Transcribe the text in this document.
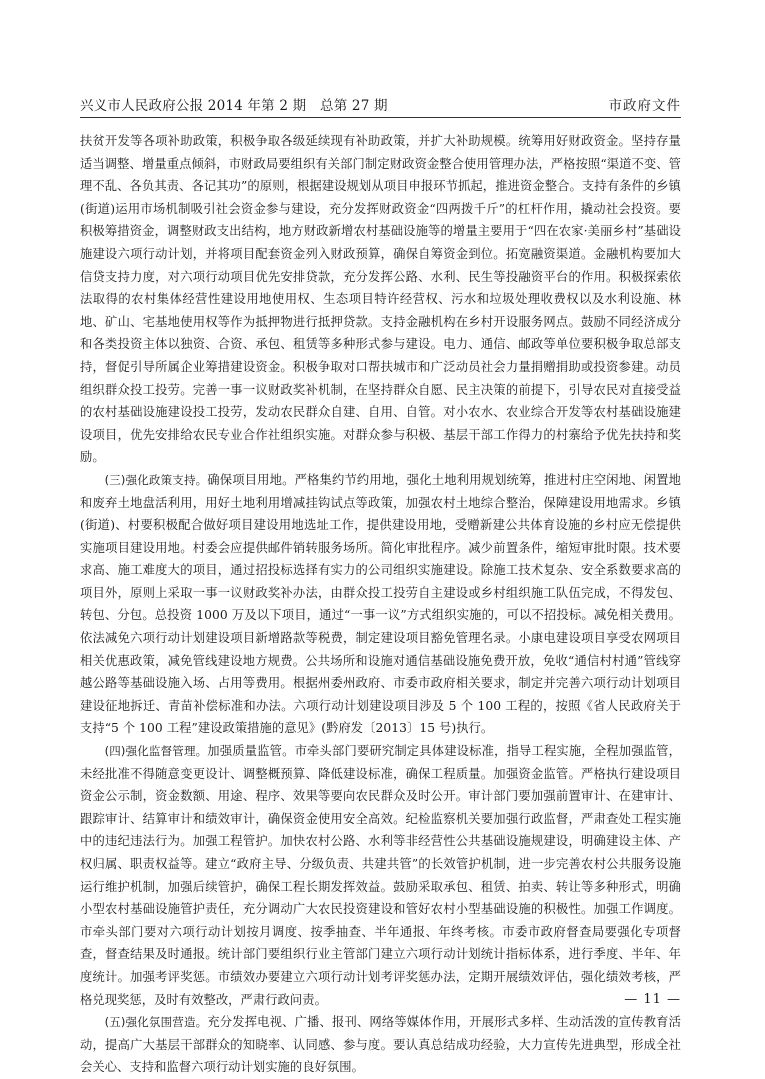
兴义市人民政府公报 2014 年第 2 期　总第 27 期	市政府文件

扶贫开发等各项补助政策，积极争取各级延续现有补助政策，并扩大补助规模。统筹用好财政资金。坚持存量适当调整、增量重点倾斜，市财政局要组织有关部门制定财政资金整合使用管理办法，严格按照“渠道不变、管理不乱、各负其责、各记其功”的原则，根据建设规划从项目申报环节抓起，推进资金整合。支持有条件的乡镇(街道)运用市场机制吸引社会资金参与建设，充分发挥财政资金“四两拨千斤”的杠杆作用，撬动社会投资。要积极筹措资金，调整财政支出结构，地方财政新增农村基础设施等的增量主要用于“四在农家·美丽乡村”基础设施建设六项行动计划，并将项目配套资金列入财政预算，确保自筹资金到位。拓宽融资渠道。金融机构要加大信贷支持力度，对六项行动项目优先安排贷款，充分发挥公路、水利、民生等投融资平台的作用。积极探索依法取得的农村集体经营性建设用地使用权、生态项目特许经营权、污水和垃圾处理收费权以及水利设施、林地、矿山、宅基地使用权等作为抵押物进行抵押贷款。支持金融机构在乡村开设服务网点。鼓励不同经济成分和各类投资主体以独资、合资、承包、租赁等多种形式参与建设。电力、通信、邮政等单位要积极争取总部支持，督促引导所属企业筹措建设资金。积极争取对口帮扶城市和广泛动员社会力量捐赠捐助或投资参建。动员组织群众投工投劳。完善一事一议财政奖补机制，在坚持群众自愿、民主决策的前提下，引导农民对直接受益的农村基础设施建设投工投劳，发动农民群众自建、自用、自管。对小农水、农业综合开发等农村基础设施建设项目，优先安排给农民专业合作社组织实施。对群众参与积极、基层干部工作得力的村寨给予优先扶持和奖励。

(三)强化政策支持。确保项目用地。严格集约节约用地，强化土地利用规划统筹，推进村庄空闲地、闲置地和废弃土地盘活利用，用好土地利用增减挂钩试点等政策，加强农村土地综合整治，保障建设用地需求。乡镇(街道)、村要积极配合做好项目建设用地选址工作，提供建设用地，受赠新建公共体育设施的乡村应无偿提供实施项目建设用地。村委会应提供邮件销转服务场所。简化审批程序。减少前置条件，缩短审批时限。技术要求高、施工难度大的项目，通过招投标选择有实力的公司组织实施建设。除施工技术复杂、安全系数要求高的项目外，原则上采取一事一议财政奖补办法，由群众投工投劳自主建设或乡村组织施工队伍完成，不得发包、转包、分包。总投资 1000 万及以下项目，通过“一事一议”方式组织实施的，可以不招投标。减免相关费用。依法减免六项行动计划建设项目新增路款等税费，制定建设项目豁免管理名录。小康电建设项目享受农网项目相关优惠政策，减免管线建设地方规费。公共场所和设施对通信基础设施免费开放，免收“通信村村通”管线穿越公路等基础设施入场、占用等费用。根据州委州政府、市委市政府相关要求，制定并完善六项行动计划项目建设征地拆迁、青苗补偿标准和办法。六项行动计划建设项目涉及 5 个 100 工程的，按照《省人民政府关于支持“5 个 100 工程”建设政策措施的意见》(黔府发〔2013〕15 号)执行。

(四)强化监督管理。加强质量监管。市牵头部门要研究制定具体建设标准，指导工程实施，全程加强监管，未经批准不得随意变更设计、调整概预算、降低建设标准，确保工程质量。加强资金监管。严格执行建设项目资金公示制，资金数额、用途、程序、效果等要向农民群众及时公开。审计部门要加强前置审计、在建审计、跟踪审计、结算审计和绩效审计，确保资金使用安全高效。纪检监察机关要加强行政监督，严肃查处工程实施中的违纪违法行为。加强工程管护。加快农村公路、水利等非经营性公共基础设施规建设，明确建设主体、产权归属、职责权益等。建立“政府主导、分级负责、共建共管”的长效管护机制，进一步完善农村公共服务设施运行维护机制，加强后续管护，确保工程长期发挥效益。鼓励采取承包、租赁、拍卖、转让等多种形式，明确小型农村基础设施管护责任，充分调动广大农民投资建设和管好农村小型基础设施的积极性。加强工作调度。市牵头部门要对六项行动计划按月调度、按季抽查、半年通报、年终考核。市委市政府督查局要强化专项督查，督查结果及时通报。统计部门要组织行业主管部门建立六项行动计划统计指标体系，进行季度、半年、年度统计。加强考评奖惩。市绩效办要建立六项行动计划考评奖惩办法，定期开展绩效评估，强化绩效考核，严格兑现奖惩，及时有效整改，严肃行政问责。

(五)强化氛围营造。充分发挥电视、广播、报刊、网络等媒体作用，开展形式多样、生动活泼的宣传教育活动，提高广大基层干部群众的知晓率、认同感、参与度。要认真总结成功经验，大力宣传先进典型，形成全社会关心、支持和监督六项行动计划实施的良好氛围。

— 11 —
